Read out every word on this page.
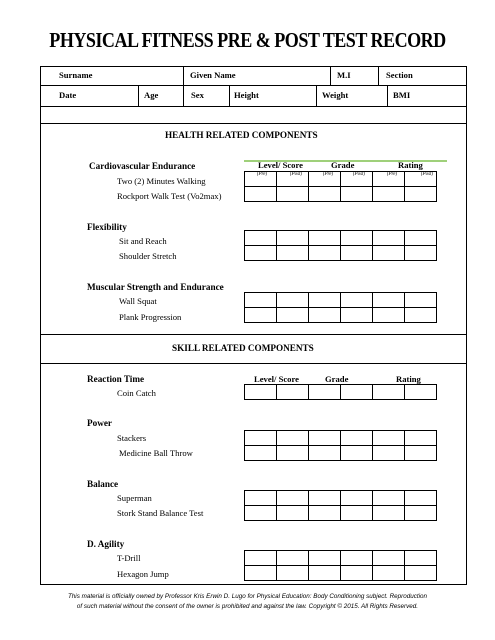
PHYSICAL FITNESS PRE & POST TEST RECORD
Surname	Given Name	M.I	Section
Date	Age	Sex	Height	Weight	BMI
HEALTH RELATED COMPONENTS
Level/ Score	Grade	Rating
(Pre)	(Post)	(Pre)	(Post)	(Pre)	(Post)
Cardiovascular Endurance
Two (2) Minutes Walking
Rockport Walk Test (Vo2max)

Flexibility
Sit and Reach
Shoulder Stretch

Muscular Strength and Endurance
Wall Squat
Plank Progression

SKILL RELATED COMPONENTS
Level/ Score	Grade	Rating
Reaction Time
Coin Catch

Power
Stackers
Medicine Ball Throw

Balance
Superman
Stork Stand Balance Test

D. Agility
T-Drill
Hexagon Jump

This material is officially owned by Professor Kris Erwin D. Lugo for Physical Education: Body Conditioning subject. Reproduction
of such material without the consent of the owner is prohibited and against the law. Copyright © 2015. All Rights Reserved.
